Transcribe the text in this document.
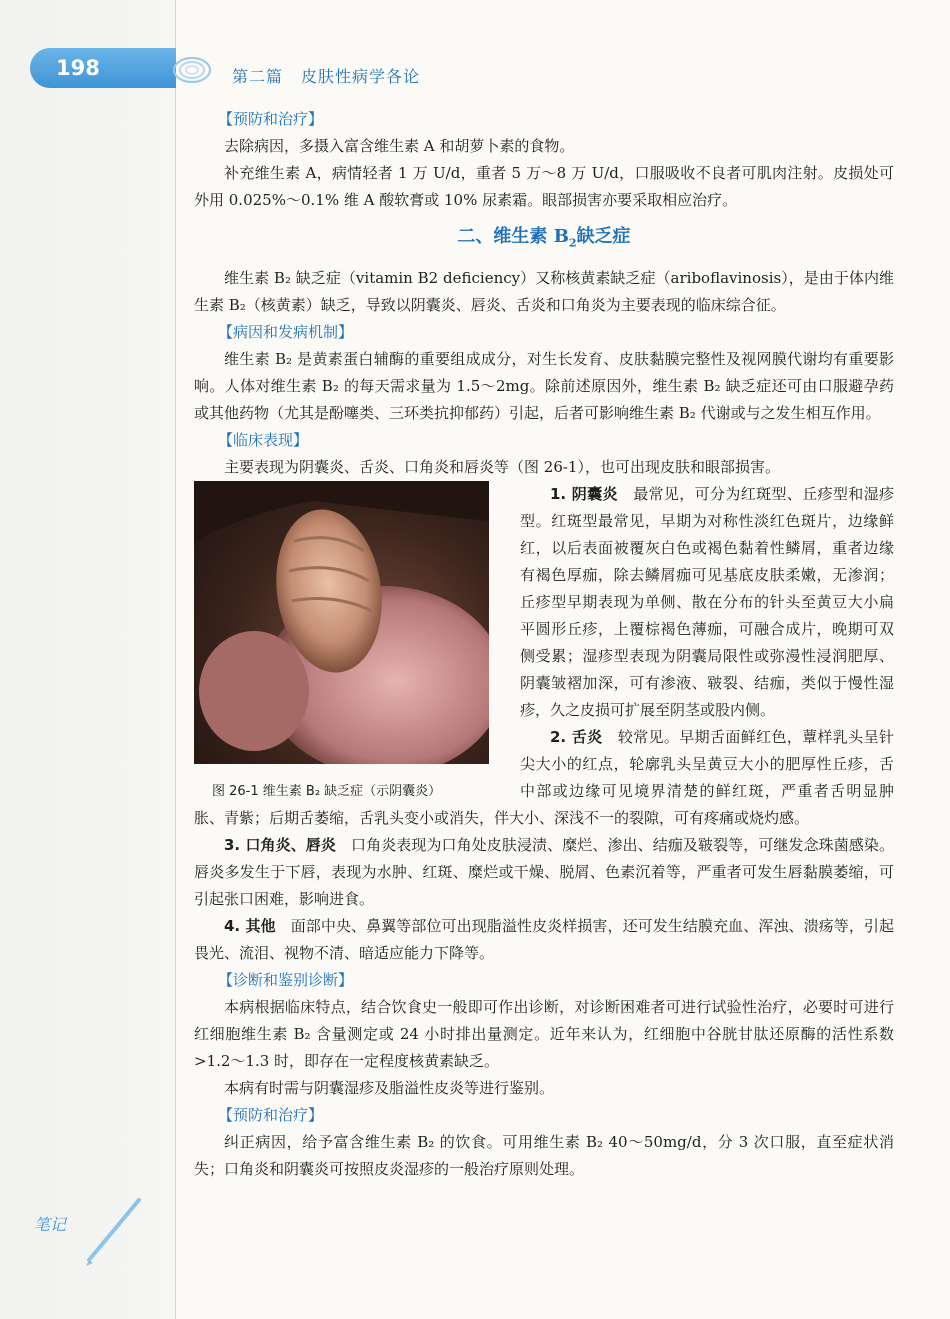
198	第二篇 皮肤性病学各论
【预防和治疗】

去除病因，多摄入富含维生素 A 和胡萝卜素的食物。

补充维生素 A，病情轻者 1 万 U/d，重者 5 万～8 万 U/d，口服吸收不良者可肌肉注射。皮损处可外用 0.025%～0.1% 维 A 酸软膏或 10% 尿素霜。眼部损害亦要采取相应治疗。

二、维生素 $B_2$缺乏症

维生素 B₂ 缺乏症（vitamin B2 deficiency）又称核黄素缺乏症（ariboflavinosis），是由于体内维生素 B₂（核黄素）缺乏，导致以阴囊炎、唇炎、舌炎和口角炎为主要表现的临床综合征。

【病因和发病机制】

维生素 B₂ 是黄素蛋白辅酶的重要组成成分，对生长发育、皮肤黏膜完整性及视网膜代谢均有重要影响。人体对维生素 B₂ 的每天需求量为 1.5～2mg。除前述原因外，维生素 B₂ 缺乏症还可由口服避孕药或其他药物（尤其是酚噻类、三环类抗抑郁药）引起，后者可影响维生素 B₂ 代谢或与之发生相互作用。

【临床表现】

主要表现为阴囊炎、舌炎、口角炎和唇炎等（图 26-1），也可出现皮肤和眼部损害。

图 26-1 维生素 B₂ 缺乏症（示阴囊炎）

1. 阴囊炎　 最常见，可分为红斑型、丘疹型和湿疹型。红斑型最常见，早期为对称性淡红色斑片，边缘鲜红，以后表面被覆灰白色或褐色黏着性鳞屑，重者边缘有褐色厚痂，除去鳞屑痂可见基底皮肤柔嫩，无渗润；丘疹型早期表现为单侧、散在分布的针头至黄豆大小扁平圆形丘疹，上覆棕褐色薄痂，可融合成片，晚期可双侧受累；湿疹型表现为阴囊局限性或弥漫性浸润肥厚、阴囊皱褶加深，可有渗液、皲裂、结痂，类似于慢性湿疹，久之皮损可扩展至阴茎或股内侧。

2. 舌炎　 较常见。早期舌面鲜红色，蕈样乳头呈针尖大小的红点，轮廓乳头呈黄豆大小的肥厚性丘疹，舌中部或边缘可见境界清楚的鲜红斑，严重者舌明显肿胀、青紫；后期舌萎缩，舌乳头变小或消失，伴大小、深浅不一的裂隙，可有疼痛或烧灼感。

3. 口角炎、唇炎　 口角炎表现为口角处皮肤浸渍、糜烂、渗出、结痂及皲裂等，可继发念珠菌感染。唇炎多发生于下唇，表现为水肿、红斑、糜烂或干燥、脱屑、色素沉着等，严重者可发生唇黏膜萎缩，可引起张口困难，影响进食。

4. 其他　 面部中央、鼻翼等部位可出现脂溢性皮炎样损害，还可发生结膜充血、浑浊、溃疡等，引起畏光、流泪、视物不清、暗适应能力下降等。

【诊断和鉴别诊断】

本病根据临床特点，结合饮食史一般即可作出诊断，对诊断困难者可进行试验性治疗，必要时可进行红细胞维生素 B₂ 含量测定或 24 小时排出量测定。近年来认为，红细胞中谷胱甘肽还原酶的活性系数>1.2～1.3 时，即存在一定程度核黄素缺乏。

本病有时需与阴囊湿疹及脂溢性皮炎等进行鉴别。

【预防和治疗】

纠正病因，给予富含维生素 B₂ 的饮食。可用维生素 B₂ 40～50mg/d，分 3 次口服，直至症状消失；口角炎和阴囊炎可按照皮炎湿疹的一般治疗原则处理。

笔记
